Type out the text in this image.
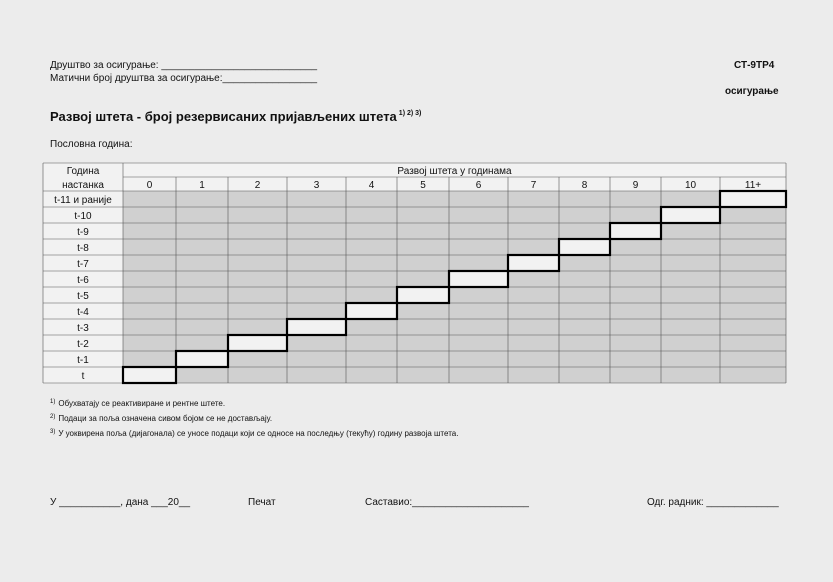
Друштво за осигурање: ____________________________
Матични број друштва за осигурање:_________________
СТ-9ТР4
осигурање
Развој штета - број резервисаних пријављених штета $^{1) 2) 3)}$
Пословна година:
Година
настанка
Развој штета у годинама
0	1	2	3	4	5	6	7	8	9	10	11+
t-11 и раније
t-10
t-9
t-8
t-7
t-6
t-5
t-4
t-3
t-2
t-1
t
$^{1)}$ Обухватају се реактивиране и рентне штете.
$^{2)}$ Подаци за поља означена сивом бојом се не достављају.
$^{3)}$ У уоквирена поља (дијагонала) се уносе подаци који се односе на последњу (текућу) годину развоја штета.
У ___________, дана ___20__	Печат	Саставио:_____________________	Одг. радник: _____________
